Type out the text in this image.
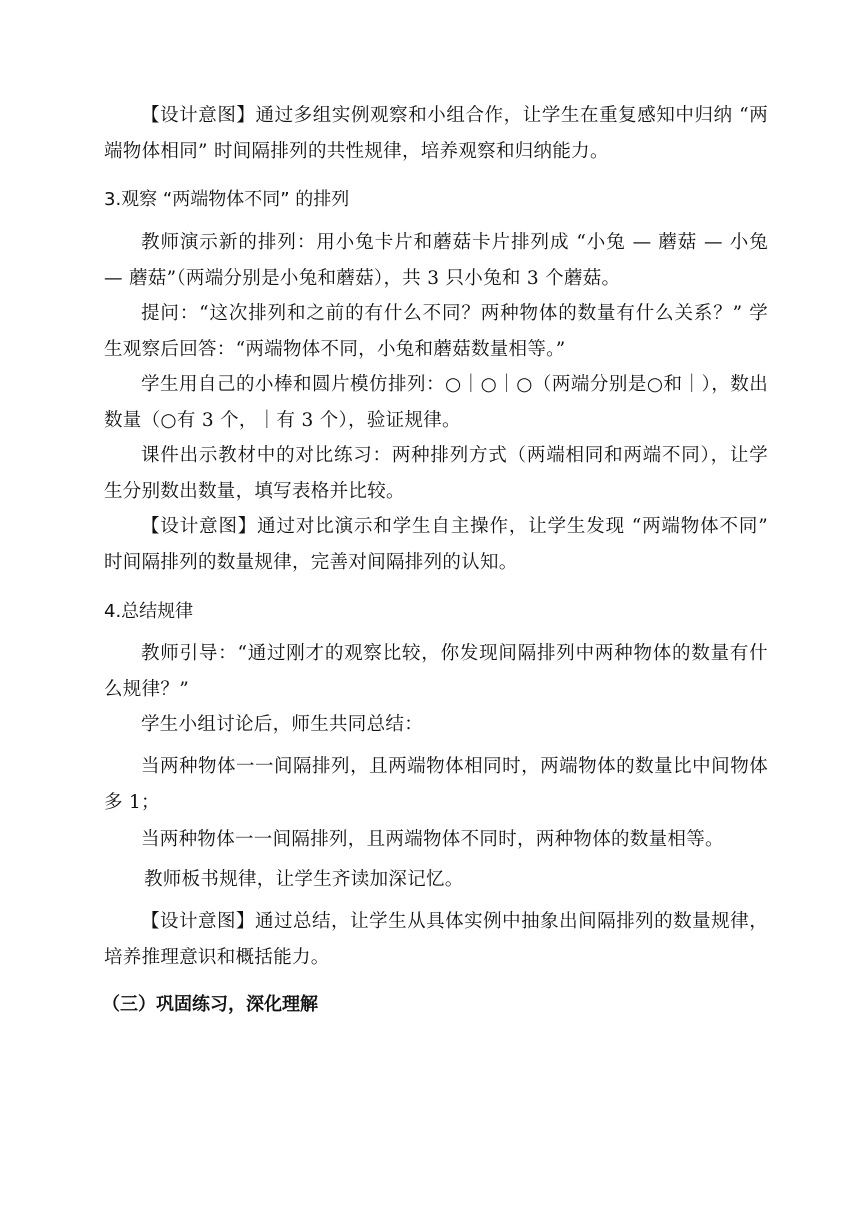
【设计意图】通过多组实例观察和小组合作，让学生在重复感知中归纳 “两端物体相同” 时间隔排列的共性规律，培养观察和归纳能力。

3.观察 “两端物体不同” 的排列

教师演示新的排列：用小兔卡片和蘑菇卡片排列成 “小兔 — 蘑菇 — 小兔 — 蘑菇”（两端分别是小兔和蘑菇），共 3 只小兔和 3 个蘑菇。

提问：“这次排列和之前的有什么不同？两种物体的数量有什么关系？” 学生观察后回答：“两端物体不同，小兔和蘑菇数量相等。”

学生用自己的小棒和圆片模仿排列：○｜○｜○（两端分别是○和｜），数出数量（○有 3 个，｜有 3 个），验证规律。

课件出示教材中的对比练习：两种排列方式（两端相同和两端不同），让学生分别数出数量，填写表格并比较。

【设计意图】通过对比演示和学生自主操作，让学生发现 “两端物体不同” 时间隔排列的数量规律，完善对间隔排列的认知。

4.总结规律

教师引导：“通过刚才的观察比较，你发现间隔排列中两种物体的数量有什么规律？”

学生小组讨论后，师生共同总结：

当两种物体一一间隔排列，且两端物体相同时，两端物体的数量比中间物体多 1；

当两种物体一一间隔排列，且两端物体不同时，两种物体的数量相等。

教师板书规律，让学生齐读加深记忆。

【设计意图】通过总结，让学生从具体实例中抽象出间隔排列的数量规律，培养推理意识和概括能力。

（三）巩固练习，深化理解
